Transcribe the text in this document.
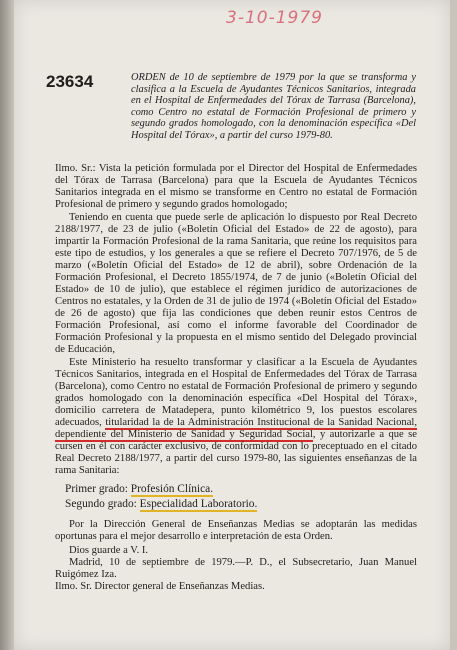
3-10-1979
23634	ORDEN de 10 de septiembre de 1979 por la que se transforma y clasifica a la Escuela de Ayudantes Técnicos Sanitarios, integrada en el Hospital de Enfermedades del Tórax de Tarrasa (Barcelona), como Centro no estatal de Formación Profesional de primero y segundo grados homologado, con la denominación específica «Del Hospital del Tórax», a partir del curso 1979-80.

Ilmo. Sr.: Vista la petición formulada por el Director del Hospital de Enfermedades del Tórax de Tarrasa (Barcelona) para que la Escuela de Ayudantes Técnicos Sanitarios integrada en el mismo se transforme en Centro no estatal de Formación Profesional de primero y segundo grados homologado;

Teniendo en cuenta que puede serle de aplicación lo dispuesto por Real Decreto 2188/1977, de 23 de julio («Boletín Oficial del Estado» de 22 de agosto), para impartir la Formación Profesional de la rama Sanitaria, que reúne los requisitos para este tipo de estudios, y los generales a que se refiere el Decreto 707/1976, de 5 de marzo («Boletín Oficial del Estado» de 12 de abril), sobre Ordenación de la Formación Profesional, el Decreto 1855/1974, de 7 de junio («Boletín Oficial del Estado» de 10 de julio), que establece el régimen jurídico de autorizaciones de Centros no estatales, y la Orden de 31 de julio de 1974 («Boletín Oficial del Estado» de 26 de agosto) que fija las condiciones que deben reunir estos Centros de Formación Profesional, así como el informe favorable del Coordinador de Formación Profesional y la propuesta en el mismo sentido del Delegado provincial de Educación,

Este Ministerio ha resuelto transformar y clasificar a la Escuela de Ayudantes Técnicos Sanitarios, integrada en el Hospital de Enfermedades del Tórax de Tarrasa (Barcelona), como Centro no estatal de Formación Profesional de primero y segundo grados homologado con la denominación específica «Del Hospital del Tórax», domicilio carretera de Matadepera, punto kilométrico 9, los puestos escolares adecuados, titularidad la de la Administración Institucional de la Sanidad Nacional, dependiente del Ministerio de Sanidad y Seguridad Social, y autorizarle a que se cursen en él con carácter exclusivo, de conformidad con lo preceptuado en el citado Real Decreto 2188/1977, a partir del curso 1979-80, las siguientes enseñanzas de la rama Sanitaria:

Primer grado: Profesión Clínica.
Segundo grado: Especialidad Laboratorio.

Por la Dirección General de Enseñanzas Medias se adoptarán las medidas oportunas para el mejor desarrollo e interpretación de esta Orden.

Dios guarde a V. I.

Madrid, 10 de septiembre de 1979.—P. D., el Subsecretario, Juan Manuel Ruigómez Iza.

Ilmo. Sr. Director general de Enseñanzas Medias.
